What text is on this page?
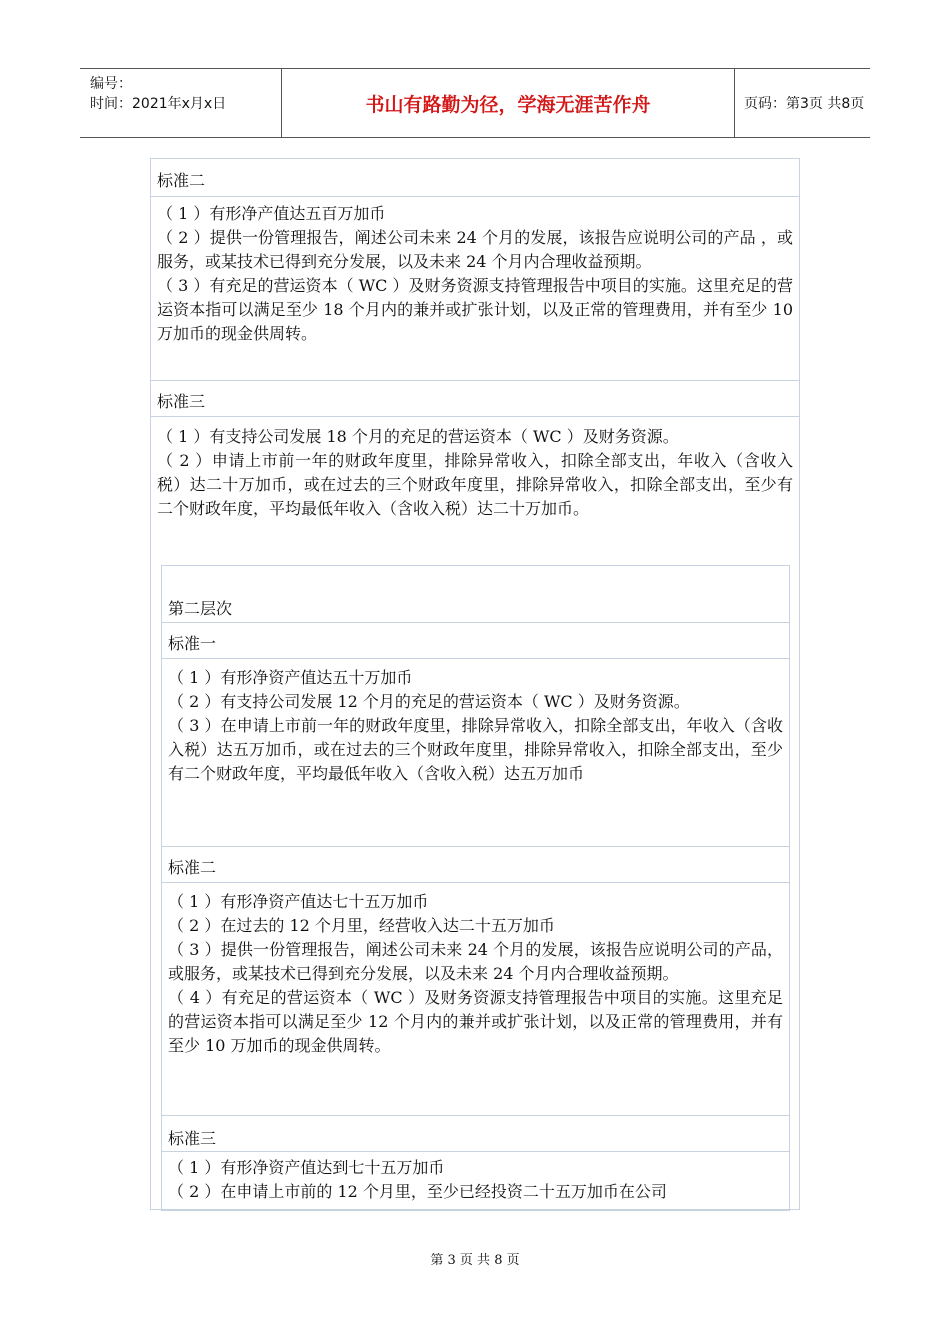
编号：
时间：2021年x月x日	书山有路勤为径，学海无涯苦作舟	页码：第3页 共8页
标准二

（ 1 ）有形净产值达五百万加币

（ 2 ）提供一份管理报告，阐述公司未来 24 个月的发展，该报告应说明公司的产品 ，或服务，或某技术已得到充分发展，以及未来 24 个月内合理收益预期。

（ 3 ）有充足的营运资本（ WC ）及财务资源支持管理报告中项目的实施。这里充足的营运资本指可以满足至少 18 个月内的兼并或扩张计划，以及正常的管理费用，并有至少 10 万加币的现金供周转。

标准三

（ 1 ）有支持公司发展 18 个月的充足的营运资本（ WC ）及财务资源。

（ 2 ）申请上市前一年的财政年度里，排除异常收入，扣除全部支出，年收入（含收入税）达二十万加币，或在过去的三个财政年度里，排除异常收入，扣除全部支出，至少有二个财政年度，平均最低年收入（含收入税）达二十万加币。

第二层次
标准一

（ 1 ）有形净资产值达五十万加币

（ 2 ）有支持公司发展 12 个月的充足的营运资本（ WC ）及财务资源。

（ 3 ）在申请上市前一年的财政年度里，排除异常收入，扣除全部支出，年收入（含收入税）达五万加币，或在过去的三个财政年度里，排除异常收入，扣除全部支出，至少有二个财政年度，平均最低年收入（含收入税）达五万加币

标准二

（ 1 ）有形净资产值达七十五万加币

（ 2 ）在过去的 12 个月里，经营收入达二十五万加币

（ 3 ）提供一份管理报告，阐述公司未来 24 个月的发展，该报告应说明公司的产品，或服务，或某技术已得到充分发展，以及未来 24 个月内合理收益预期。

（ 4 ）有充足的营运资本（ WC ）及财务资源支持管理报告中项目的实施。这里充足的营运资本指可以满足至少 12 个月内的兼并或扩张计划，以及正常的管理费用，并有至少 10 万加币的现金供周转。

标准三

（ 1 ）有形净资产值达到七十五万加币

（ 2 ）在申请上市前的 12 个月里，至少已经投资二十五万加币在公司

第 3 页 共 8 页
